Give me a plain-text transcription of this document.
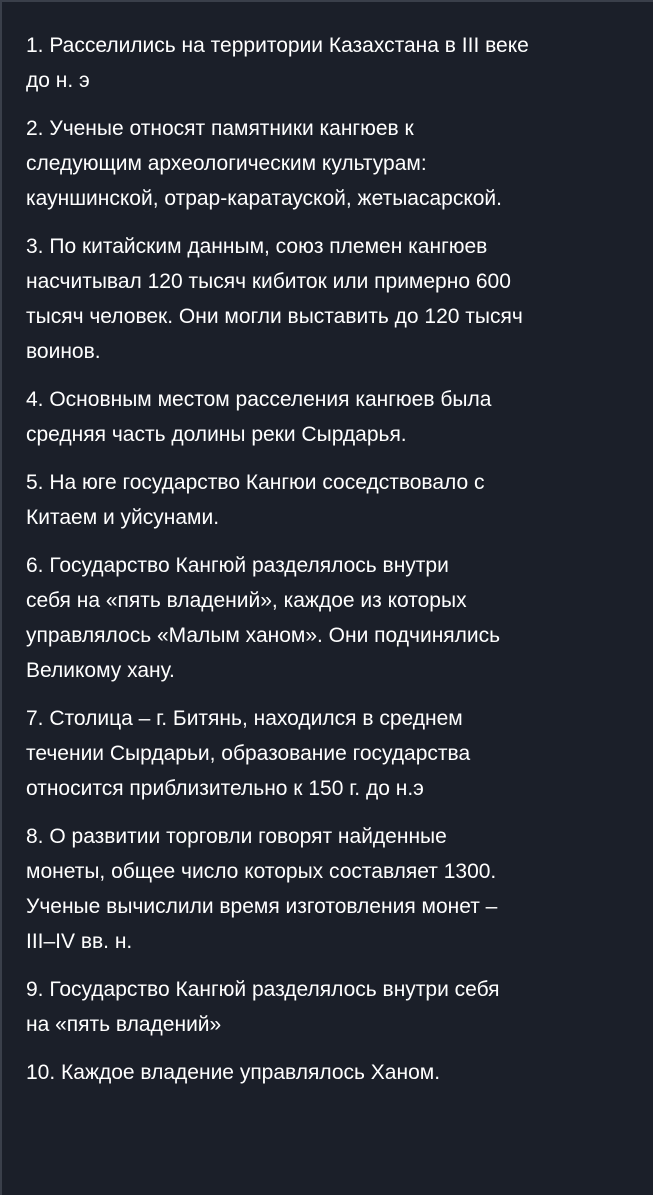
1. Расселились на территории Казахстана в III веке

до н. э

2. Ученые относят памятники кангюев к

следующим археологическим культурам:

кауншинской, отрар-каратауской, жетыасарской.

3. По китайским данным, союз племен кангюев

насчитывал 120 тысяч кибиток или примерно 600

тысяч человек. Они могли выставить до 120 тысяч

воинов.

4. Основным местом расселения кангюев была

средняя часть долины реки Сырдарья.

5. На юге государство Кангюи соседствовало с

Китаем и уйсунами.

6. Государство Кангюй разделялось внутри

себя на «пять владений», каждое из которых

управлялось «Малым ханом». Они подчинялись

Великому хану.

7. Столица – г. Битянь, находился в среднем

течении Сырдарьи, образование государства

относится приблизительно к 150 г. до н.э

8. О развитии торговли говорят найденные

монеты, общее число которых составляет 1300.

Ученые вычислили время изготовления монет –

III–IV вв. н.

9. Государство Кангюй разделялось внутри себя

на «пять владений»

10. Каждое владение управлялось Ханом.
